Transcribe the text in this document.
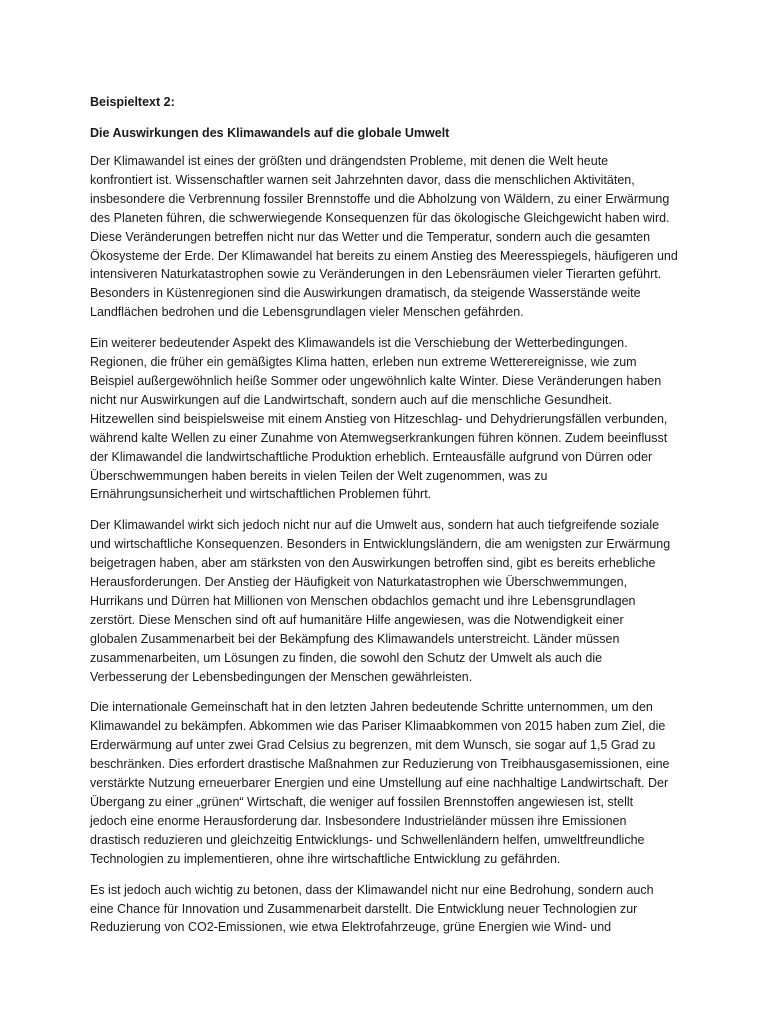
Beispieltext 2:

Die Auswirkungen des Klimawandels auf die globale Umwelt

Der Klimawandel ist eines der größten und drängendsten Probleme, mit denen die Welt heute
konfrontiert ist. Wissenschaftler warnen seit Jahrzehnten davor, dass die menschlichen Aktivitäten,
insbesondere die Verbrennung fossiler Brennstoffe und die Abholzung von Wäldern, zu einer Erwärmung
des Planeten führen, die schwerwiegende Konsequenzen für das ökologische Gleichgewicht haben wird.
Diese Veränderungen betreffen nicht nur das Wetter und die Temperatur, sondern auch die gesamten
Ökosysteme der Erde. Der Klimawandel hat bereits zu einem Anstieg des Meeresspiegels, häufigeren und
intensiveren Naturkatastrophen sowie zu Veränderungen in den Lebensräumen vieler Tierarten geführt.
Besonders in Küstenregionen sind die Auswirkungen dramatisch, da steigende Wasserstände weite
Landflächen bedrohen und die Lebensgrundlagen vieler Menschen gefährden.

Ein weiterer bedeutender Aspekt des Klimawandels ist die Verschiebung der Wetterbedingungen.
Regionen, die früher ein gemäßigtes Klima hatten, erleben nun extreme Wetterereignisse, wie zum
Beispiel außergewöhnlich heiße Sommer oder ungewöhnlich kalte Winter. Diese Veränderungen haben
nicht nur Auswirkungen auf die Landwirtschaft, sondern auch auf die menschliche Gesundheit.
Hitzewellen sind beispielsweise mit einem Anstieg von Hitzeschlag- und Dehydrierungsfällen verbunden,
während kalte Wellen zu einer Zunahme von Atemwegserkrankungen führen können. Zudem beeinflusst
der Klimawandel die landwirtschaftliche Produktion erheblich. Ernteausfälle aufgrund von Dürren oder
Überschwemmungen haben bereits in vielen Teilen der Welt zugenommen, was zu
Ernährungsunsicherheit und wirtschaftlichen Problemen führt.

Der Klimawandel wirkt sich jedoch nicht nur auf die Umwelt aus, sondern hat auch tiefgreifende soziale
und wirtschaftliche Konsequenzen. Besonders in Entwicklungsländern, die am wenigsten zur Erwärmung
beigetragen haben, aber am stärksten von den Auswirkungen betroffen sind, gibt es bereits erhebliche
Herausforderungen. Der Anstieg der Häufigkeit von Naturkatastrophen wie Überschwemmungen,
Hurrikans und Dürren hat Millionen von Menschen obdachlos gemacht und ihre Lebensgrundlagen
zerstört. Diese Menschen sind oft auf humanitäre Hilfe angewiesen, was die Notwendigkeit einer
globalen Zusammenarbeit bei der Bekämpfung des Klimawandels unterstreicht. Länder müssen
zusammenarbeiten, um Lösungen zu finden, die sowohl den Schutz der Umwelt als auch die
Verbesserung der Lebensbedingungen der Menschen gewährleisten.

Die internationale Gemeinschaft hat in den letzten Jahren bedeutende Schritte unternommen, um den
Klimawandel zu bekämpfen. Abkommen wie das Pariser Klimaabkommen von 2015 haben zum Ziel, die
Erderwärmung auf unter zwei Grad Celsius zu begrenzen, mit dem Wunsch, sie sogar auf 1,5 Grad zu
beschränken. Dies erfordert drastische Maßnahmen zur Reduzierung von Treibhausgasemissionen, eine
verstärkte Nutzung erneuerbarer Energien und eine Umstellung auf eine nachhaltige Landwirtschaft. Der
Übergang zu einer „grünen“ Wirtschaft, die weniger auf fossilen Brennstoffen angewiesen ist, stellt
jedoch eine enorme Herausforderung dar. Insbesondere Industrieländer müssen ihre Emissionen
drastisch reduzieren und gleichzeitig Entwicklungs- und Schwellenländern helfen, umweltfreundliche
Technologien zu implementieren, ohne ihre wirtschaftliche Entwicklung zu gefährden.

Es ist jedoch auch wichtig zu betonen, dass der Klimawandel nicht nur eine Bedrohung, sondern auch
eine Chance für Innovation und Zusammenarbeit darstellt. Die Entwicklung neuer Technologien zur
Reduzierung von CO2-Emissionen, wie etwa Elektrofahrzeuge, grüne Energien wie Wind- und
